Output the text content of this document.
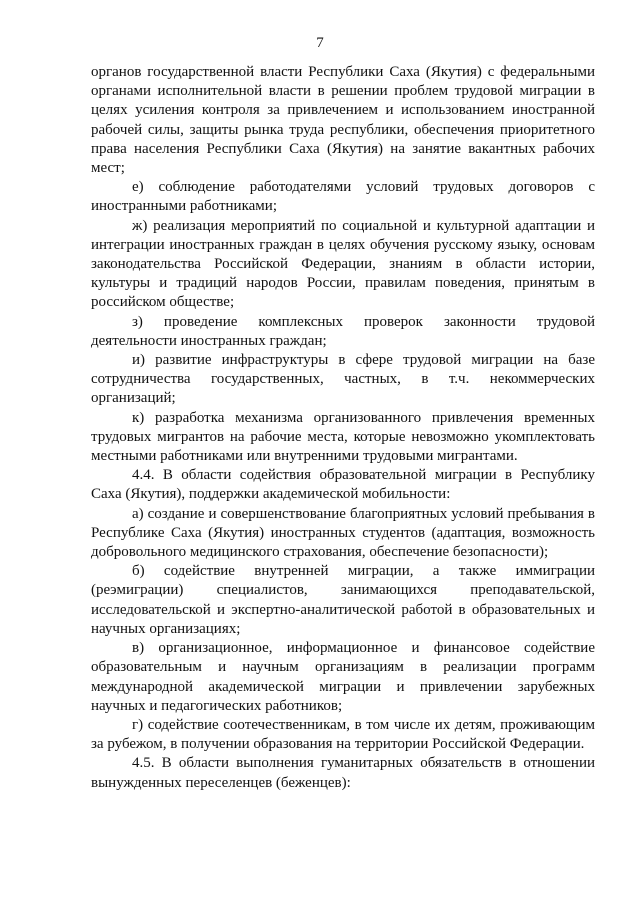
7

органов государственной власти Республики Саха (Якутия) с федеральными органами исполнительной власти в решении проблем трудовой миграции в целях усиления контроля за привлечением и использованием иностранной рабочей силы, защиты рынка труда республики, обеспечения приоритетного права населения Республики Саха (Якутия) на занятие вакантных рабочих мест;

е) соблюдение работодателями условий трудовых договоров с иностранными работниками;

ж) реализация мероприятий по социальной и культурной адаптации и интеграции иностранных граждан в целях обучения русскому языку, основам законодательства Российской Федерации, знаниям в области истории, культуры и традиций народов России, правилам поведения, принятым в российском обществе;

з) проведение комплексных проверок законности трудовой деятельности иностранных граждан;

и) развитие инфраструктуры в сфере трудовой миграции на базе сотрудничества государственных, частных, в т.ч. некоммерческих организаций;

к) разработка механизма организованного привлечения временных трудовых мигрантов на рабочие места, которые невозможно укомплектовать местными работниками или внутренними трудовыми мигрантами.

4.4. В области содействия образовательной миграции в Республику Саха (Якутия), поддержки академической мобильности:

а) создание и совершенствование благоприятных условий пребывания в Республике Саха (Якутия) иностранных студентов (адаптация, возможность добровольного медицинского страхования, обеспечение безопасности);

б) содействие внутренней миграции, а также иммиграции (реэмиграции) специалистов, занимающихся преподавательской, исследовательской и экспертно-аналитической работой в образовательных и научных организациях;

в) организационное, информационное и финансовое содействие образовательным и научным организациям в реализации программ международной академической миграции и привлечении зарубежных научных и педагогических работников;

г) содействие соотечественникам, в том числе их детям, проживающим за рубежом, в получении образования на территории Российской Федерации.

4.5. В области выполнения гуманитарных обязательств в отношении вынужденных переселенцев (беженцев):
